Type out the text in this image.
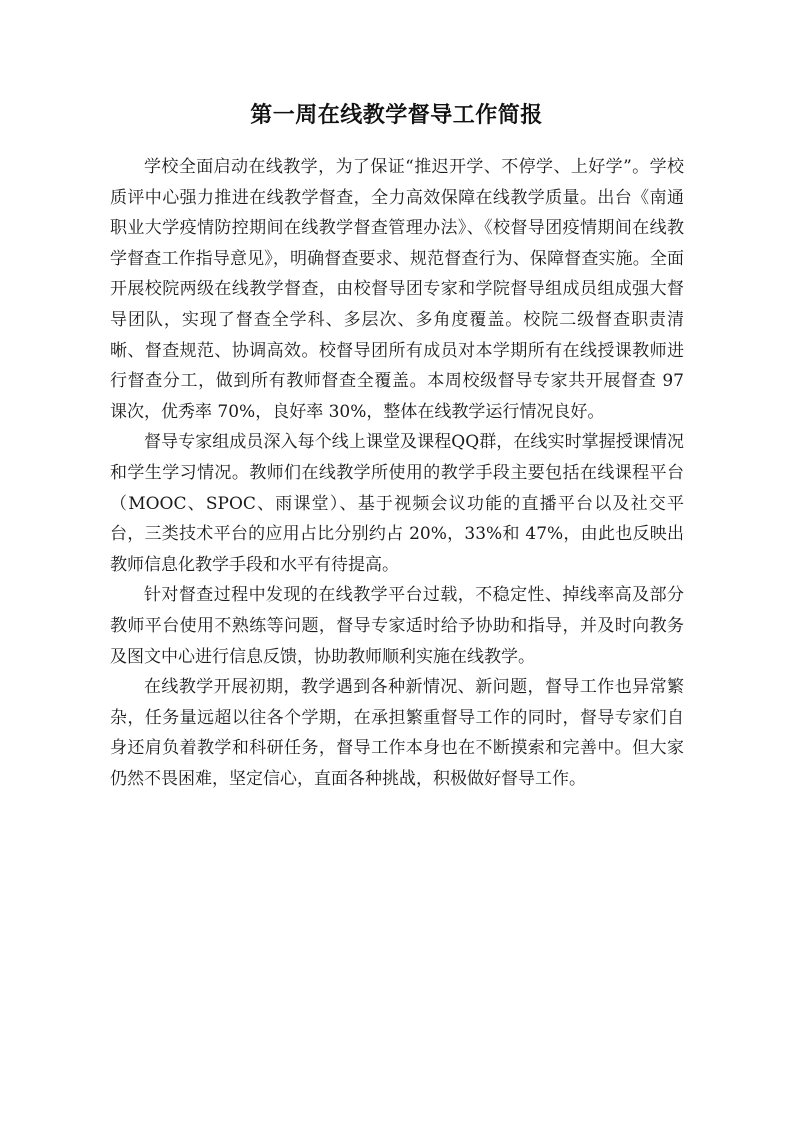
第一周在线教学督导工作简报

学校全面启动在线教学，为了保证“推迟开学、不停学、上好学”。学校质评中心强力推进在线教学督查，全力高效保障在线教学质量。出台《南通职业大学疫情防控期间在线教学督查管理办法》、《校督导团疫情期间在线教学督查工作指导意见》，明确督查要求、规范督查行为、保障督查实施。全面开展校院两级在线教学督查，由校督导团专家和学院督导组成员组成强大督导团队，实现了督查全学科、多层次、多角度覆盖。校院二级督查职责清晰、督查规范、协调高效。校督导团所有成员对本学期所有在线授课教师进行督查分工，做到所有教师督查全覆盖。本周校级督导专家共开展督查 97 课次，优秀率 70%，良好率 30%，整体在线教学运行情况良好。

督导专家组成员深入每个线上课堂及课程QQ群，在线实时掌握授课情况和学生学习情况。教师们在线教学所使用的教学手段主要包括在线课程平台（MOOC、SPOC、雨课堂）、基于视频会议功能的直播平台以及社交平台，三类技术平台的应用占比分别约占 20%，33%和 47%，由此也反映出教师信息化教学手段和水平有待提高。

针对督查过程中发现的在线教学平台过载，不稳定性、掉线率高及部分教师平台使用不熟练等问题，督导专家适时给予协助和指导，并及时向教务及图文中心进行信息反馈，协助教师顺利实施在线教学。

在线教学开展初期，教学遇到各种新情况、新问题，督导工作也异常繁杂，任务量远超以往各个学期，在承担繁重督导工作的同时，督导专家们自身还肩负着教学和科研任务，督导工作本身也在不断摸索和完善中。但大家仍然不畏困难，坚定信心，直面各种挑战，积极做好督导工作。
